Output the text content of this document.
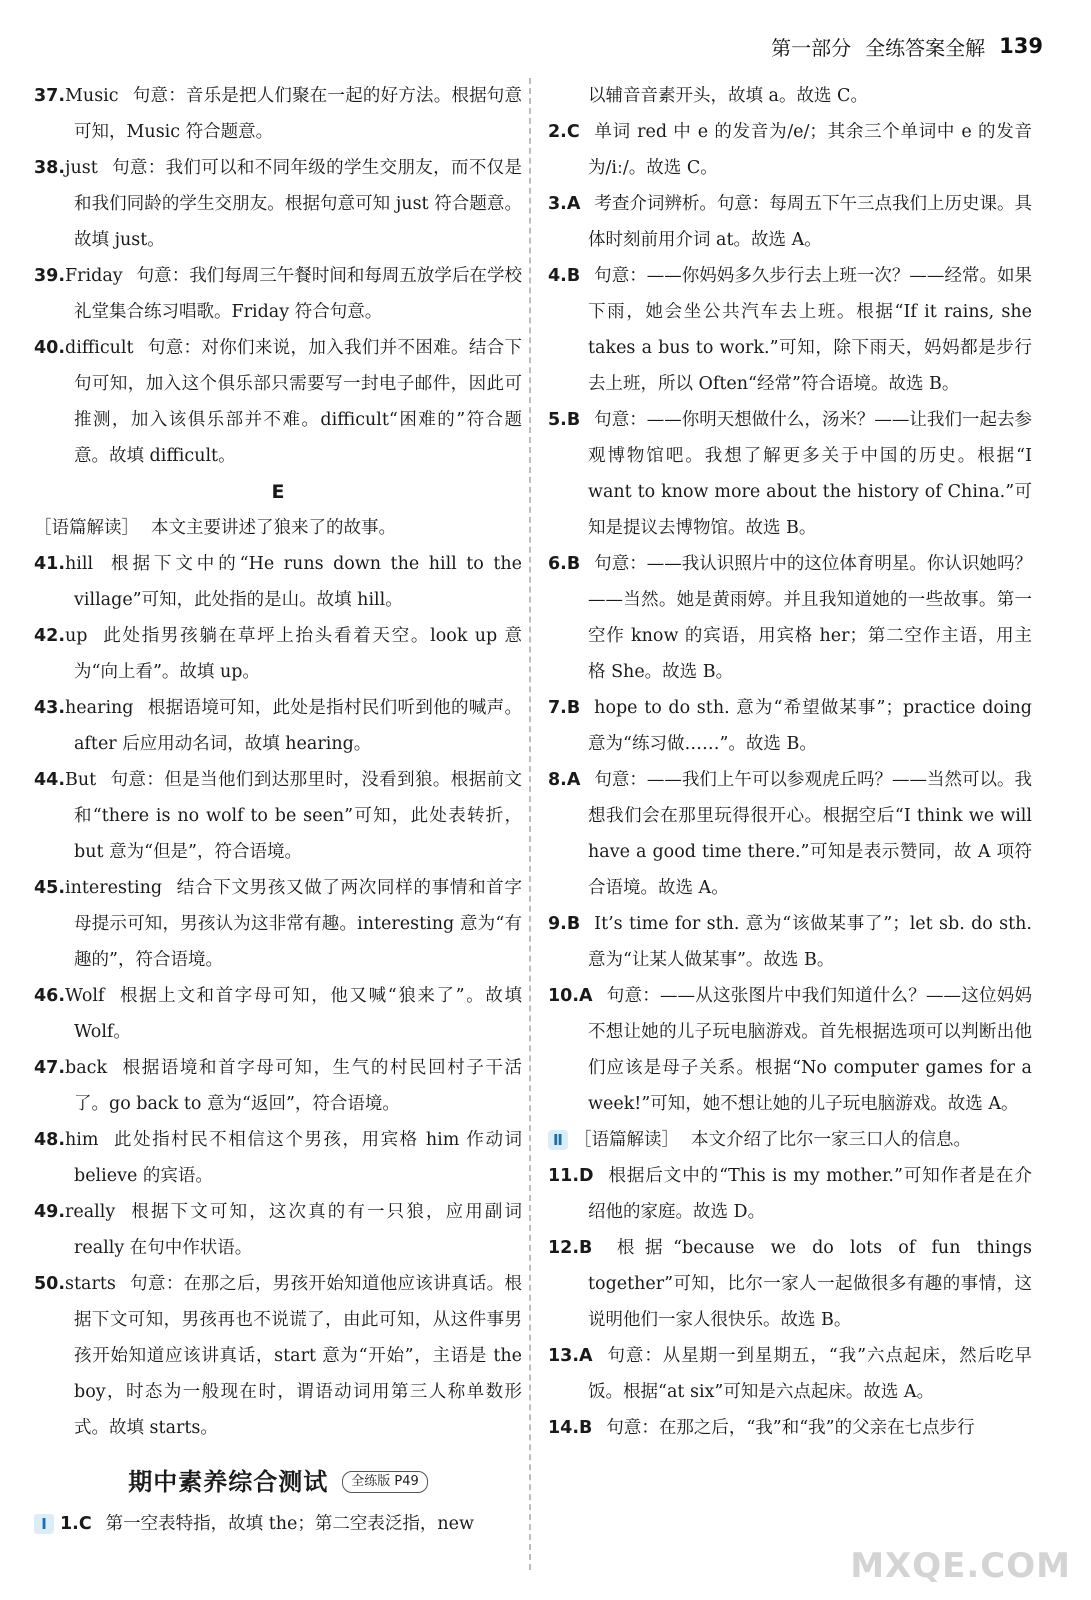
第一部分 全练答案全解 139

37.Music 句意：音乐是把人们聚在一起的好方法。根据句意可知，Music 符合题意。

38.just 句意：我们可以和不同年级的学生交朋友，而不仅是和我们同龄的学生交朋友。根据句意可知 just 符合题意。故填 just。

39.Friday 句意：我们每周三午餐时间和每周五放学后在学校礼堂集合练习唱歌。Friday 符合句意。

40.difficult 句意：对你们来说，加入我们并不困难。结合下句可知，加入这个俱乐部只需要写一封电子邮件，因此可推测，加入该俱乐部并不难。difficult“困难的”符合题意。故填 difficult。

E

［语篇解读］ 本文主要讲述了狼来了的故事。

41.hill 根据下文中的“He runs down the hill to the village”可知，此处指的是山。故填 hill。

42.up 此处指男孩躺在草坪上抬头看着天空。look up 意为“向上看”。故填 up。

43.hearing 根据语境可知，此处是指村民们听到他的喊声。after 后应用动名词，故填 hearing。

44.But 句意：但是当他们到达那里时，没看到狼。根据前文和“there is no wolf to be seen”可知，此处表转折，but 意为“但是”，符合语境。

45.interesting 结合下文男孩又做了两次同样的事情和首字母提示可知，男孩认为这非常有趣。interesting 意为“有趣的”，符合语境。

46.Wolf 根据上文和首字母可知，他又喊“狼来了”。故填 Wolf。

47.back 根据语境和首字母可知，生气的村民回村子干活了。go back to 意为“返回”，符合语境。

48.him 此处指村民不相信这个男孩，用宾格 him 作动词 believe 的宾语。

49.really 根据下文可知，这次真的有一只狼，应用副词 really 在句中作状语。

50.starts 句意：在那之后，男孩开始知道他应该讲真话。根据下文可知，男孩再也不说谎了，由此可知，从这件事男孩开始知道应该讲真话，start 意为“开始”，主语是 the boy，时态为一般现在时，谓语动词用第三人称单数形式。故填 starts。

期中素养综合测试	全练版 P49

Ⅰ 1.C 第一空表特指，故填 the；第二空表泛指，new

以辅音音素开头，故填 a。故选 C。

2.C 单词 red 中 e 的发音为/e/；其余三个单词中 e 的发音为/iː/。故选 C。

3.A 考查介词辨析。句意：每周五下午三点我们上历史课。具体时刻前用介词 at。故选 A。

4.B 句意：——你妈妈多久步行去上班一次？——经常。如果下雨，她会坐公共汽车去上班。根据“If it rains, she takes a bus to work.”可知，除下雨天，妈妈都是步行去上班，所以 Often“经常”符合语境。故选 B。

5.B 句意：——你明天想做什么，汤米？——让我们一起去参观博物馆吧。我想了解更多关于中国的历史。根据“I want to know more about the history of China.”可知是提议去博物馆。故选 B。

6.B 句意：——我认识照片中的这位体育明星。你认识她吗？——当然。她是黄雨婷。并且我知道她的一些故事。第一空作 know 的宾语，用宾格 her；第二空作主语，用主格 She。故选 B。

7.B hope to do sth. 意为“希望做某事”；practice doing 意为“练习做……”。故选 B。

8.A 句意：——我们上午可以参观虎丘吗？——当然可以。我想我们会在那里玩得很开心。根据空后“I think we will have a good time there.”可知是表示赞同，故 A 项符合语境。故选 A。

9.B It’s time for sth. 意为“该做某事了”；let sb. do sth. 意为“让某人做某事”。故选 B。

10.A 句意：——从这张图片中我们知道什么？——这位妈妈不想让她的儿子玩电脑游戏。首先根据选项可以判断出他们应该是母子关系。根据“No computer games for a week!”可知，她不想让她的儿子玩电脑游戏。故选 A。

Ⅱ ［语篇解读］ 本文介绍了比尔一家三口人的信息。

11.D 根据后文中的“This is my mother.”可知作者是在介绍他的家庭。故选 D。

12.B 根据“because we do lots of fun things together”可知，比尔一家人一起做很多有趣的事情，这说明他们一家人很快乐。故选 B。

13.A 句意：从星期一到星期五，“我”六点起床，然后吃早饭。根据“at six”可知是六点起床。故选 A。

14.B 句意：在那之后，“我”和“我”的父亲在七点步行

MXQE.COM
